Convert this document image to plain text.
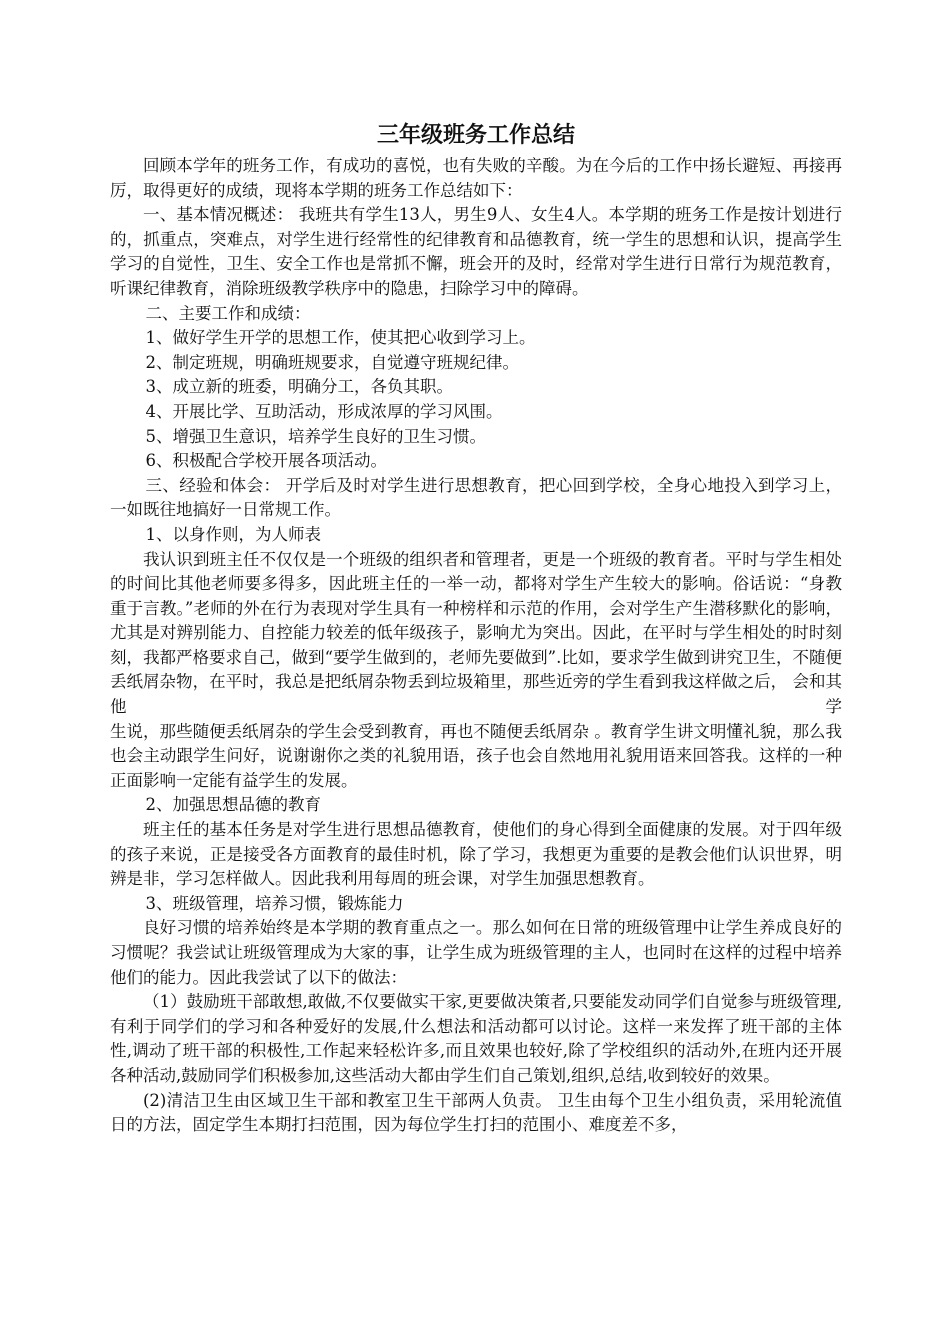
三年级班务工作总结

回顾本学年的班务工作，有成功的喜悦，也有失败的辛酸。为在今后的工作中扬长避短、再接再厉，取得更好的成绩，现将本学期的班务工作总结如下：

一、基本情况概述： 我班共有学生13人，男生9人、女生4人。本学期的班务工作是按计划进行的，抓重点，突难点，对学生进行经常性的纪律教育和品德教育，统一学生的思想和认识，提高学生学习的自觉性，卫生、安全工作也是常抓不懈，班会开的及时，经常对学生进行日常行为规范教育，听课纪律教育，消除班级教学秩序中的隐患，扫除学习中的障碍。

二、主要工作和成绩：

1、做好学生开学的思想工作，使其把心收到学习上。

2、制定班规，明确班规要求，自觉遵守班规纪律。

3、成立新的班委，明确分工，各负其职。

4、开展比学、互助活动，形成浓厚的学习风围。

5、增强卫生意识，培养学生良好的卫生习惯。

6、积极配合学校开展各项活动。

三、经验和体会： 开学后及时对学生进行思想教育，把心回到学校，全身心地投入到学习上，一如既往地搞好一日常规工作。

1、以身作则，为人师表

我认识到班主任不仅仅是一个班级的组织者和管理者，更是一个班级的教育者。平时与学生相处的时间比其他老师要多得多，因此班主任的一举一动，都将对学生产生较大的影响。俗话说：“身教重于言教。”老师的外在行为表现对学生具有一种榜样和示范的作用，会对学生产生潜移默化的影响，尤其是对辨别能力、自控能力较差的低年级孩子，影响尤为突出。因此，在平时与学生相处的时时刻刻，我都严格要求自己，做到“要学生做到的，老师先要做到”.比如，要求学生做到讲究卫生，不随便丢纸屑杂物，在平时，我总是把纸屑杂物丢到垃圾箱里，那些近旁的学生看到我这样做之后， 会和其他学

生说，那些随便丢纸屑杂的学生会受到教育，再也不随便丢纸屑杂 。教育学生讲文明懂礼貌，那么我也会主动跟学生问好，说谢谢你之类的礼貌用语，孩子也会自然地用礼貌用语来回答我。这样的一种正面影响一定能有益学生的发展。

2、加强思想品德的教育

班主任的基本任务是对学生进行思想品德教育，使他们的身心得到全面健康的发展。对于四年级的孩子来说，正是接受各方面教育的最佳时机，除了学习，我想更为重要的是教会他们认识世界，明辨是非，学习怎样做人。因此我利用每周的班会课，对学生加强思想教育。

3、班级管理，培养习惯，锻炼能力

良好习惯的培养始终是本学期的教育重点之一。那么如何在日常的班级管理中让学生养成良好的习惯呢？我尝试让班级管理成为大家的事，让学生成为班级管理的主人，也同时在这样的过程中培养他们的能力。因此我尝试了以下的做法：

（1）鼓励班干部敢想,敢做,不仅要做实干家,更要做决策者,只要能发动同学们自觉参与班级管理,有利于同学们的学习和各种爱好的发展,什么想法和活动都可以讨论。这样一来发挥了班干部的主体性,调动了班干部的积极性,工作起来轻松许多,而且效果也较好,除了学校组织的活动外,在班内还开展各种活动,鼓励同学们积极参加,这些活动大都由学生们自己策划,组织,总结,收到较好的效果。

(2)清洁卫生由区域卫生干部和教室卫生干部两人负责。 卫生由每个卫生小组负责，采用轮流值日的方法，固定学生本期打扫范围，因为每位学生打扫的范围小、难度差不多，
